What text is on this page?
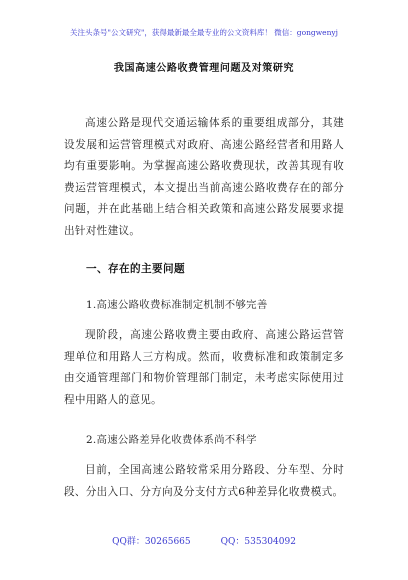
关注头条号"公文研究"，获得最新最全最专业的公文资料库！ 微信：gongwenyj
我国高速公路收费管理问题及对策研究
高速公路是现代交通运输体系的重要组成部分，其建设发展和运营管理模式对政府、高速公路经营者和用路人均有重要影响。为掌握高速公路收费现状，改善其现有收费运营管理模式，本文提出当前高速公路收费存在的部分问题，并在此基础上结合相关政策和高速公路发展要求提出针对性建议。
一、存在的主要问题
1.高速公路收费标准制定机制不够完善
现阶段，高速公路收费主要由政府、高速公路运营管理单位和用路人三方构成。然而，收费标准和政策制定多由交通管理部门和物价管理部门制定，未考虑实际使用过程中用路人的意见。
2.高速公路差异化收费体系尚不科学
目前，全国高速公路较常采用分路段、分车型、分时段、分出入口、分方向及分支付方式6种差异化收费模式。
QQ群：30265665	QQ：535304092
